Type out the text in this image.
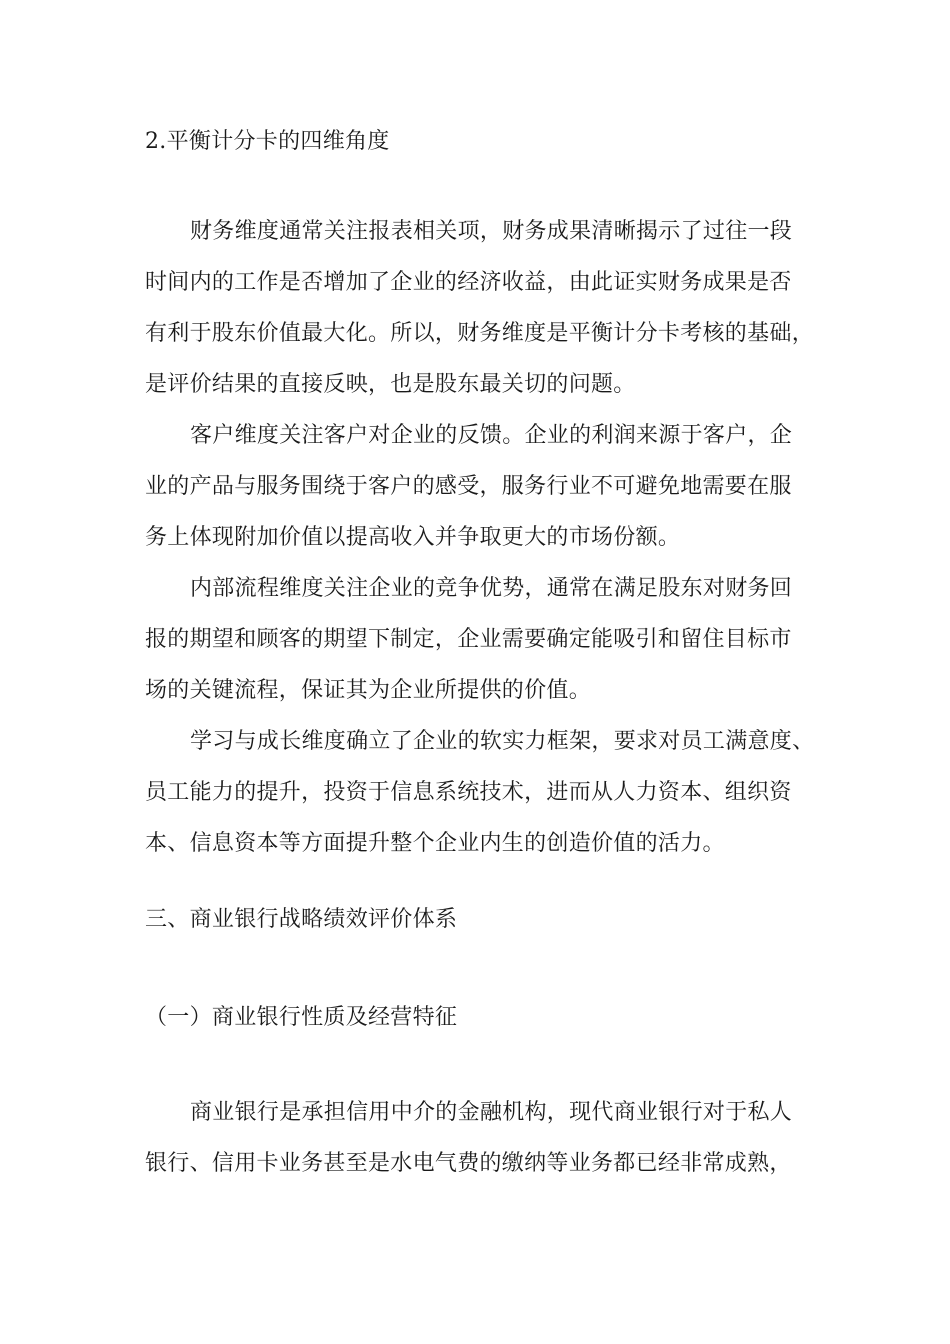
2.平衡计分卡的四维角度
财务维度通常关注报表相关项，财务成果清晰揭示了过往一段
时间内的工作是否增加了企业的经济收益，由此证实财务成果是否
有利于股东价值最大化。所以，财务维度是平衡计分卡考核的基础，
是评价结果的直接反映，也是股东最关切的问题。
客户维度关注客户对企业的反馈。企业的利润来源于客户，企
业的产品与服务围绕于客户的感受，服务行业不可避免地需要在服
务上体现附加价值以提高收入并争取更大的市场份额。
内部流程维度关注企业的竞争优势，通常在满足股东对财务回
报的期望和顾客的期望下制定，企业需要确定能吸引和留住目标市
场的关键流程，保证其为企业所提供的价值。
学习与成长维度确立了企业的软实力框架，要求对员工满意度、
员工能力的提升，投资于信息系统技术，进而从人力资本、组织资
本、信息资本等方面提升整个企业内生的创造价值的活力。
三、商业银行战略绩效评价体系
（一）商业银行性质及经营特征
商业银行是承担信用中介的金融机构，现代商业银行对于私人
银行、信用卡业务甚至是水电气费的缴纳等业务都已经非常成熟，
